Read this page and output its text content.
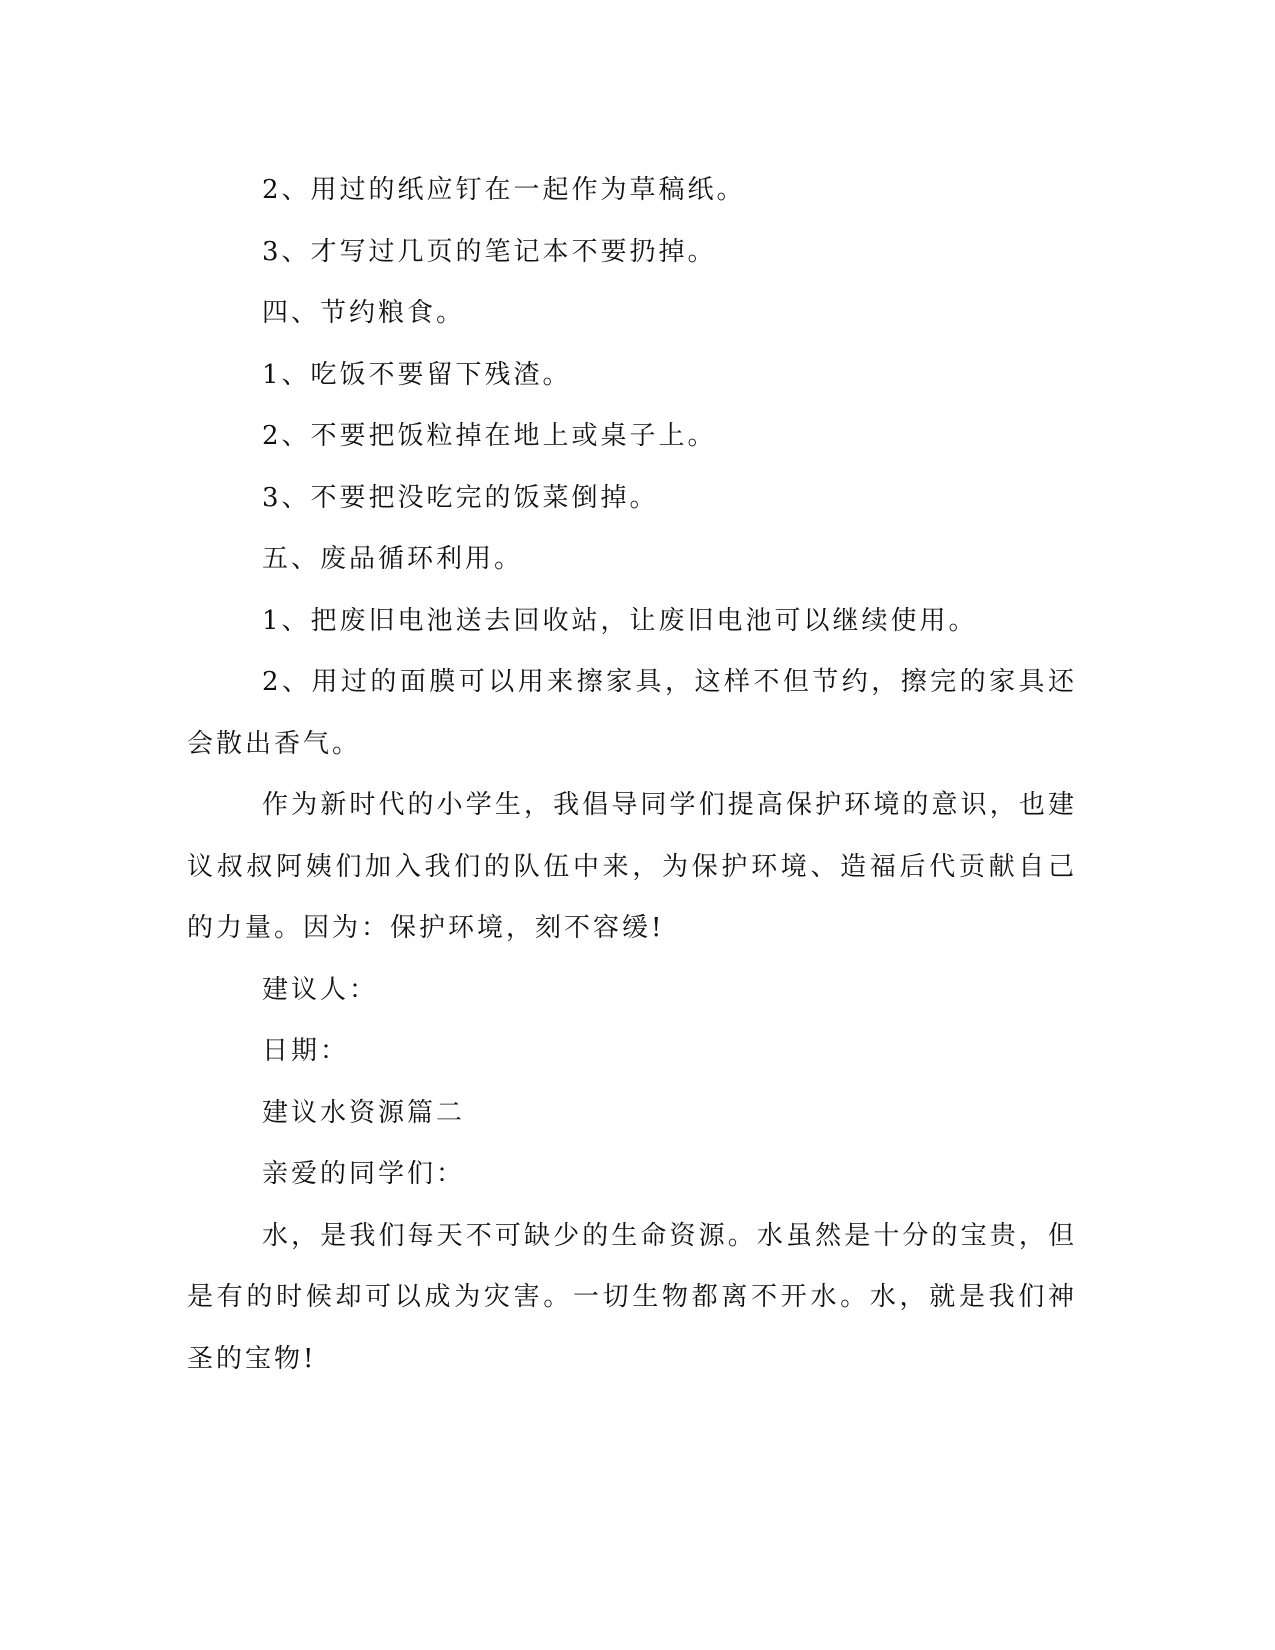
2、用过的纸应钉在一起作为草稿纸。

3、才写过几页的笔记本不要扔掉。

四、节约粮食。

1、吃饭不要留下残渣。

2、不要把饭粒掉在地上或桌子上。

3、不要把没吃完的饭菜倒掉。

五、废品循环利用。

1、把废旧电池送去回收站，让废旧电池可以继续使用。

2、用过的面膜可以用来擦家具，这样不但节约，擦完的家具还会散出香气。

作为新时代的小学生，我倡导同学们提高保护环境的意识，也建议叔叔阿姨们加入我们的队伍中来，为保护环境、造福后代贡献自己的力量。因为：保护环境，刻不容缓!

建议人：

日期：

建议水资源篇二

亲爱的同学们：

水，是我们每天不可缺少的生命资源。水虽然是十分的宝贵，但是有的时候却可以成为灾害。一切生物都离不开水。水，就是我们神圣的宝物!
